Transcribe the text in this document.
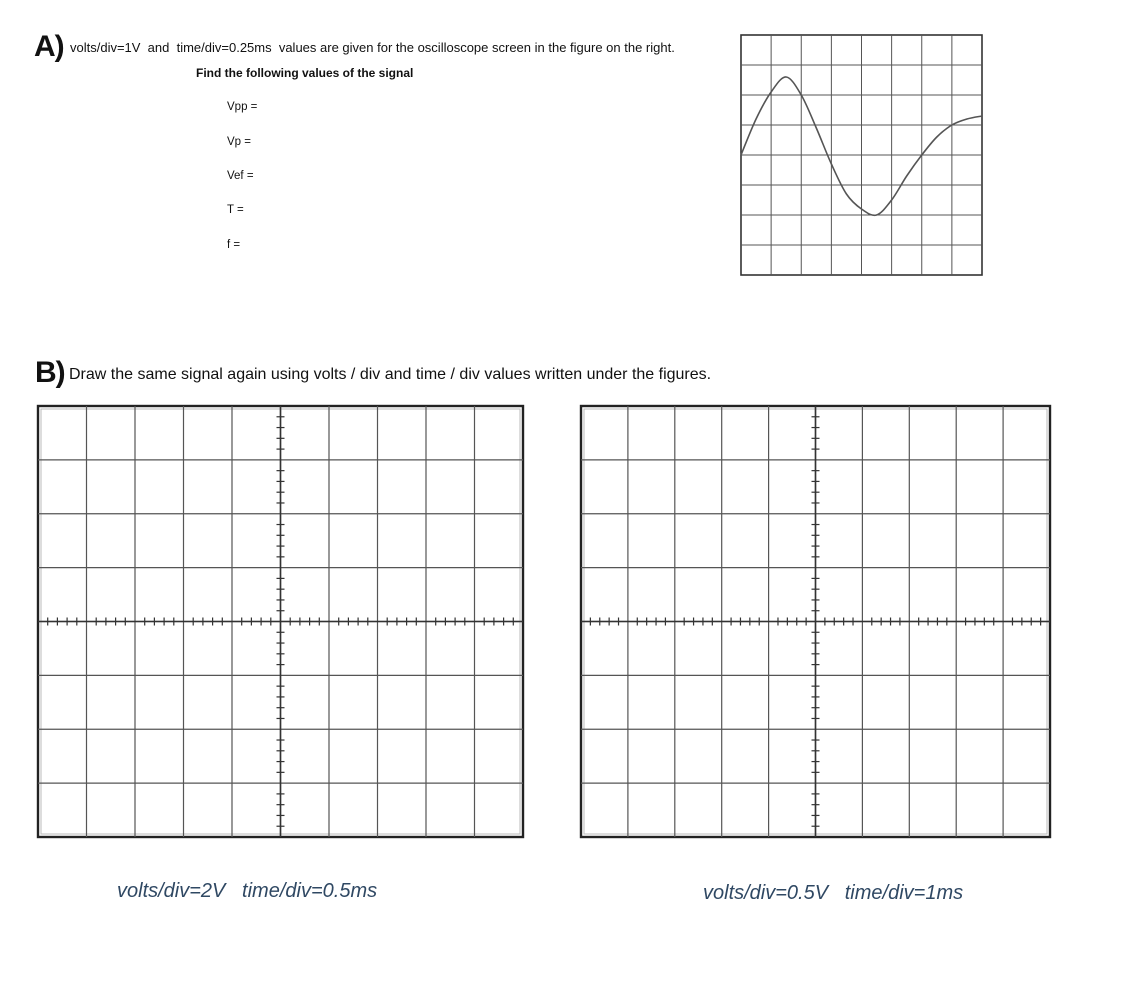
A) volts/div=1V  and  time/div=0.25ms  values are given for the oscilloscope screen in the figure on the right.
Find the following values of the signal
Vpp =
Vp =
Vef =
T =
f =
B) Draw the same signal again using volts / div and time / div values written under the figures.
volts/div=2V   time/div=0.5ms	volts/div=0.5V   time/div=1ms
